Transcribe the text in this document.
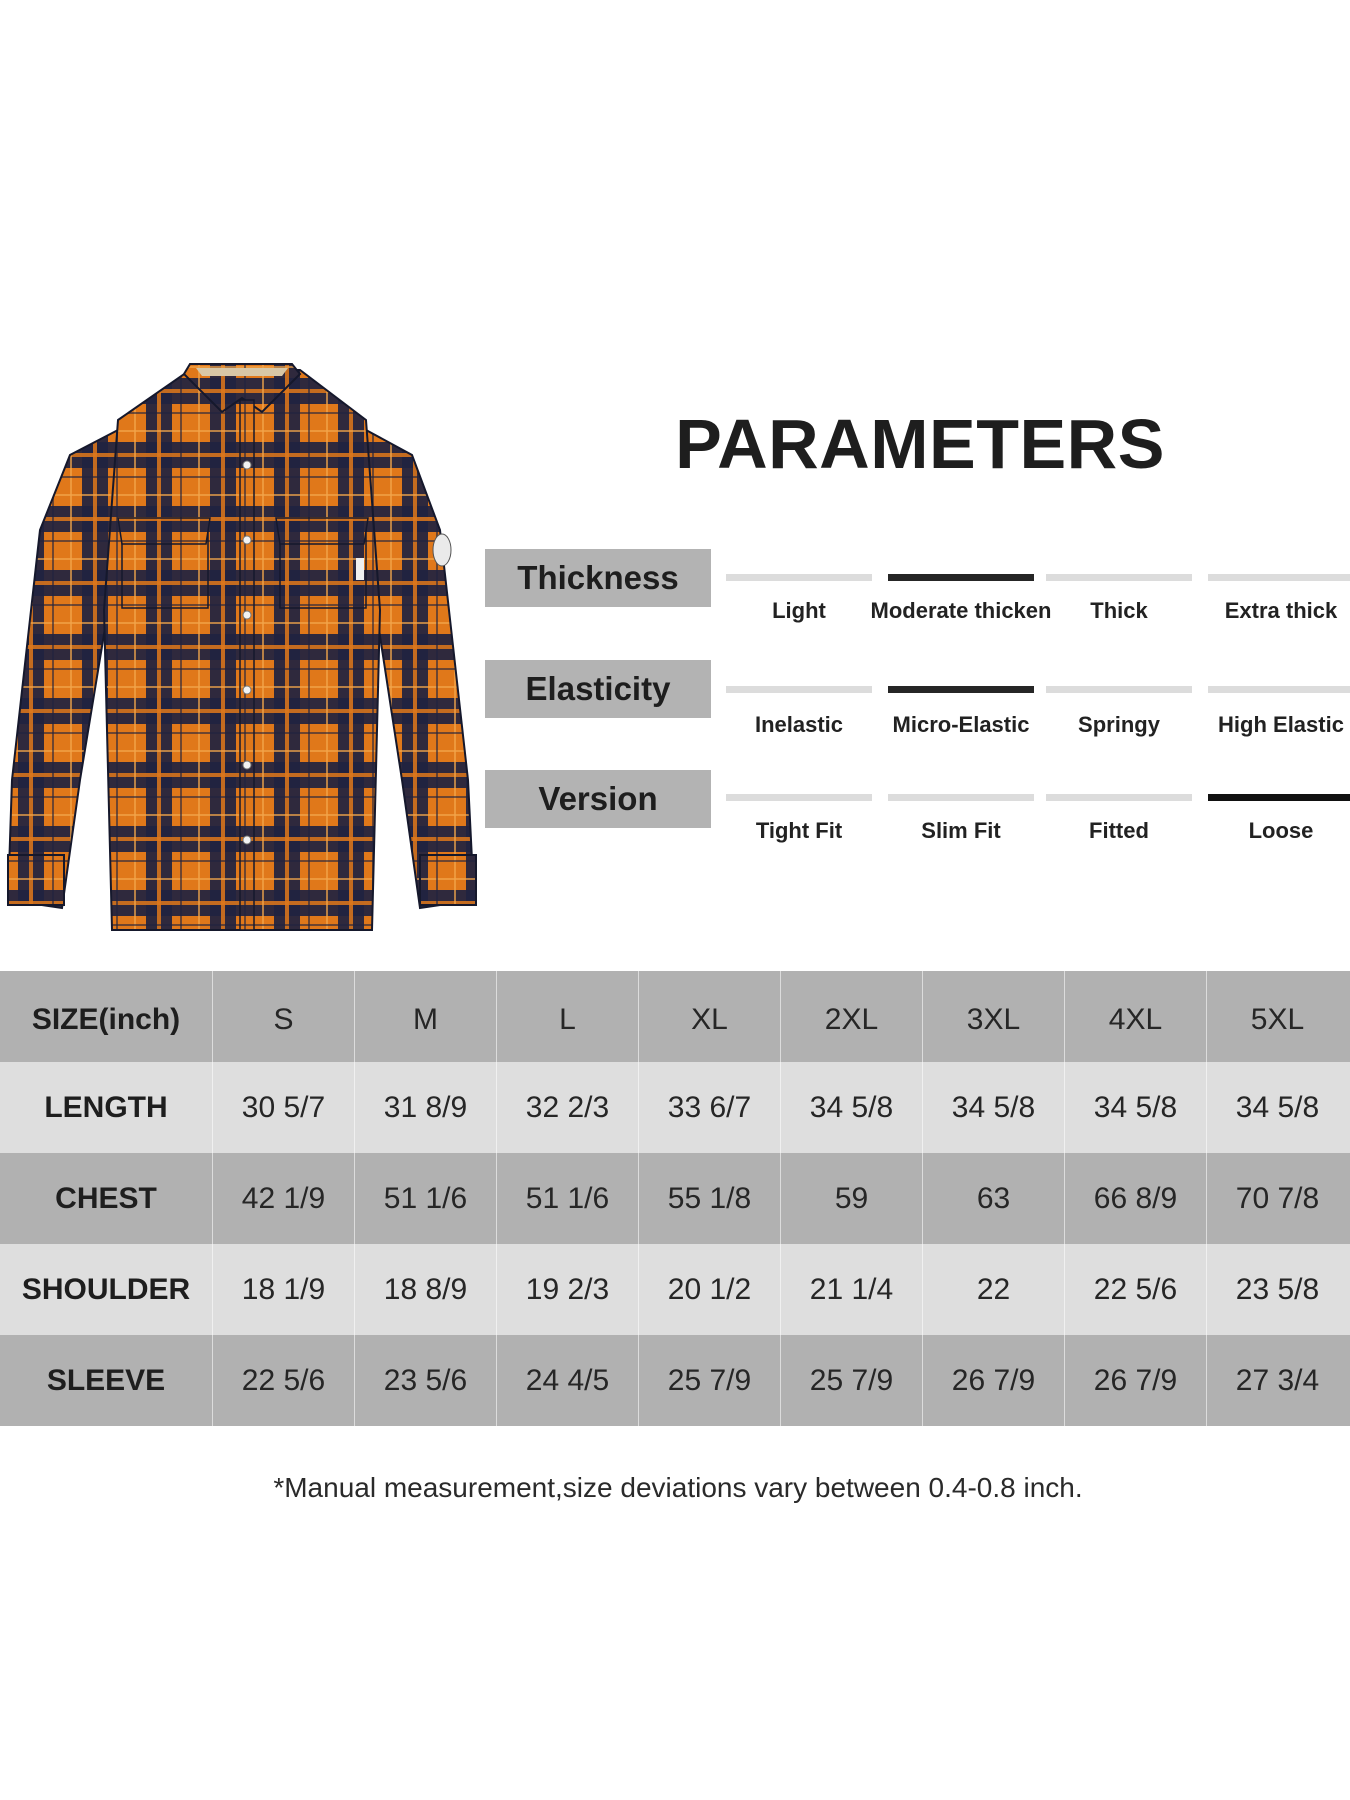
PARAMETERS
Thickness
Light	Moderate thicken	Thick	Extra thick
Elasticity
Inelastic	Micro-Elastic	Springy	High Elastic
Version
Tight Fit	Slim Fit	Fitted	Loose
SIZE(inch)	S	M	L	XL	2XL	3XL	4XL	5XL
LENGTH	30 5/7	31 8/9	32 2/3	33 6/7	34 5/8	34 5/8	34 5/8	34 5/8
CHEST	42 1/9	51 1/6	51 1/6	55 1/8	59	63	66 8/9	70 7/8
SHOULDER	18 1/9	18 8/9	19 2/3	20 1/2	21 1/4	22	22 5/6	23 5/8
SLEEVE	22 5/6	23 5/6	24 4/5	25 7/9	25 7/9	26 7/9	26 7/9	27 3/4
*Manual measurement,size deviations vary between 0.4-0.8 inch.
